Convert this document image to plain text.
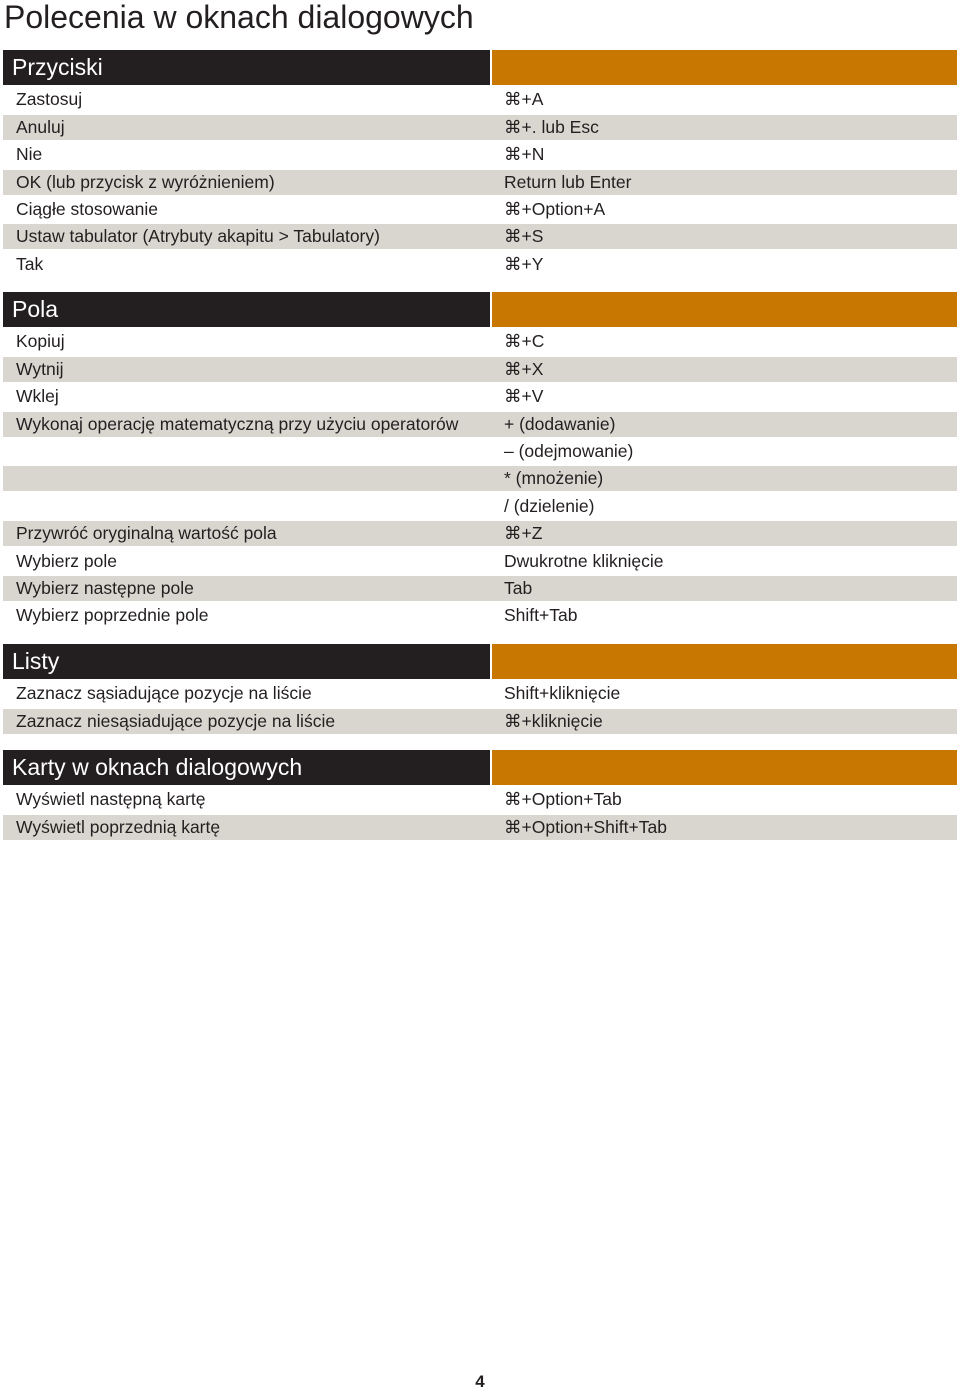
Polecenia w oknach dialogowych
Przyciski
Zastosuj	⌘+A
Anuluj	⌘+. lub Esc
Nie	⌘+N
OK (lub przycisk z wyróżnieniem)	Return lub Enter
Ciągłe stosowanie	⌘+Option+A
Ustaw tabulator (Atrybuty akapitu > Tabulatory)	⌘+S
Tak	⌘+Y
Pola
Kopiuj	⌘+C
Wytnij	⌘+X
Wklej	⌘+V
Wykonaj operację matematyczną przy użyciu operatorów	+ (dodawanie)
– (odejmowanie)
* (mnożenie)
/ (dzielenie)
Przywróć oryginalną wartość pola	⌘+Z
Wybierz pole	Dwukrotne kliknięcie
Wybierz następne pole	Tab
Wybierz poprzednie pole	Shift+Tab
Listy
Zaznacz sąsiadujące pozycje na liście	Shift+kliknięcie
Zaznacz niesąsiadujące pozycje na liście	⌘+kliknięcie
Karty w oknach dialogowych
Wyświetl następną kartę	⌘+Option+Tab
Wyświetl poprzednią kartę	⌘+Option+Shift+Tab
4
